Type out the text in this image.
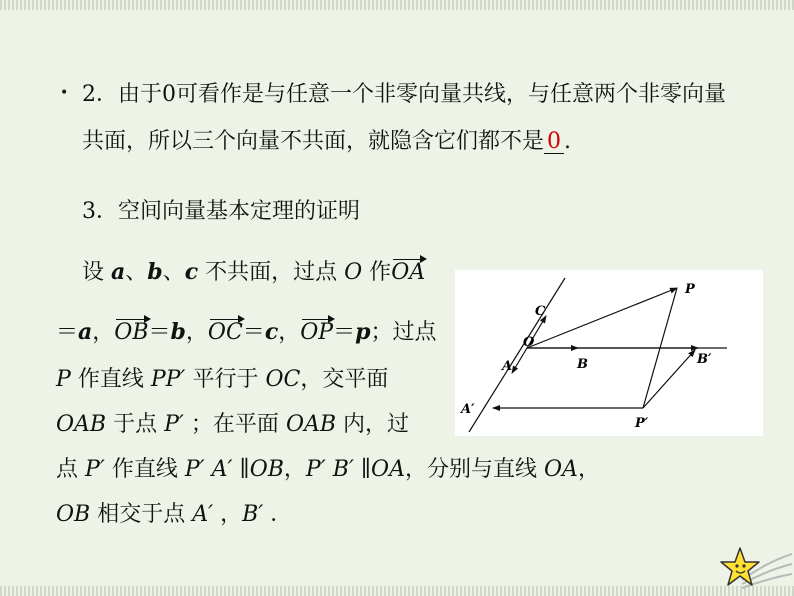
• 2．由于0可看作是与任意一个非零向量共线，与任意两个非零向量
共面，所以三个向量不共面，就隐含它们都不是 0 .
3．空间向量基本定理的证明
设 a、b、c 不共面，过点 O 作OA
＝a，OB＝b，OC＝c，OP＝p；过点
P 作直线 PP′ 平行于 OC，交平面
OAB 于点 P′ ；在平面 OAB 内，过
点 P′ 作直线 P′ A′ ∥OB，P′ B′ ∥OA，分别与直线 OA，
OB 相交于点 A′ ，B′ ．
C
P
O
B	B′
A
A′
P′
